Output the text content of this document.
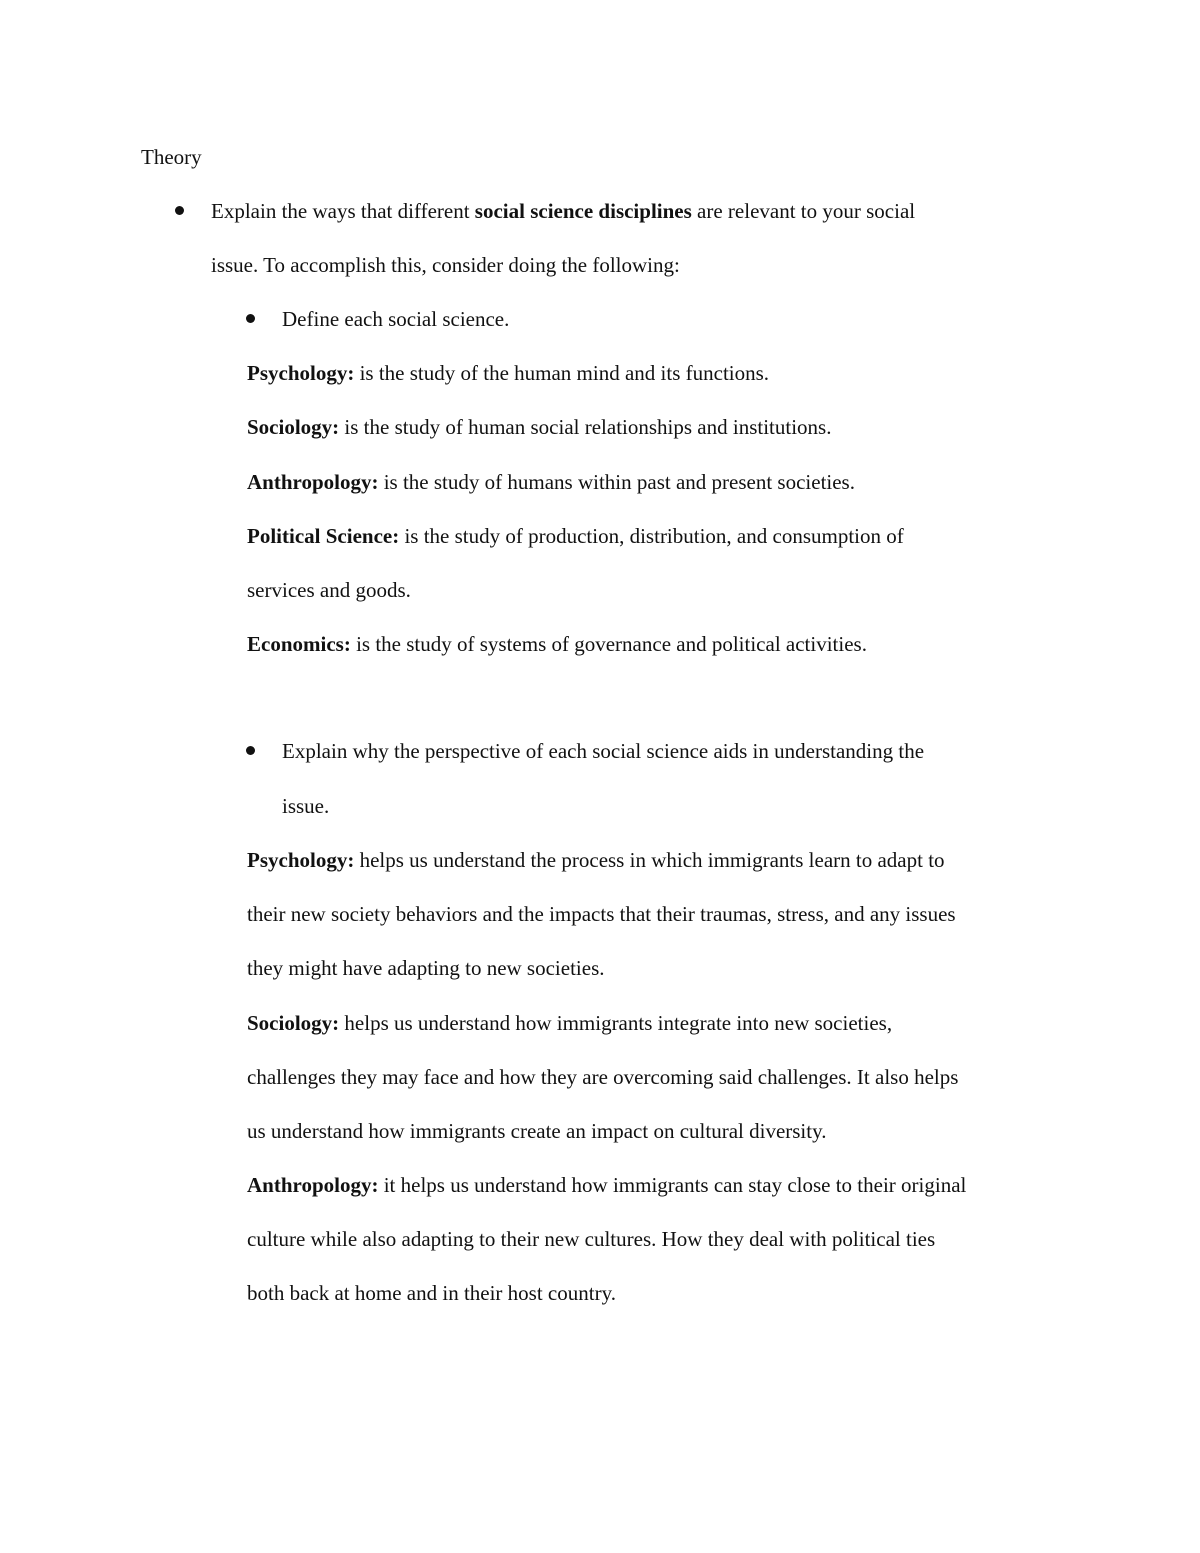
Theory
Explain the ways that different social science disciplines are relevant to your social
issue. To accomplish this, consider doing the following:
Define each social science.
Psychology: is the study of the human mind and its functions.
Sociology: is the study of human social relationships and institutions.
Anthropology: is the study of humans within past and present societies.
Political Science: is the study of production, distribution, and consumption of
services and goods.
Economics: is the study of systems of governance and political activities.
Explain why the perspective of each social science aids in understanding the
issue.
Psychology: helps us understand the process in which immigrants learn to adapt to
their new society behaviors and the impacts that their traumas, stress, and any issues
they might have adapting to new societies.
Sociology: helps us understand how immigrants integrate into new societies,
challenges they may face and how they are overcoming said challenges. It also helps
us understand how immigrants create an impact on cultural diversity.
Anthropology: it helps us understand how immigrants can stay close to their original
culture while also adapting to their new cultures. How they deal with political ties
both back at home and in their host country.
